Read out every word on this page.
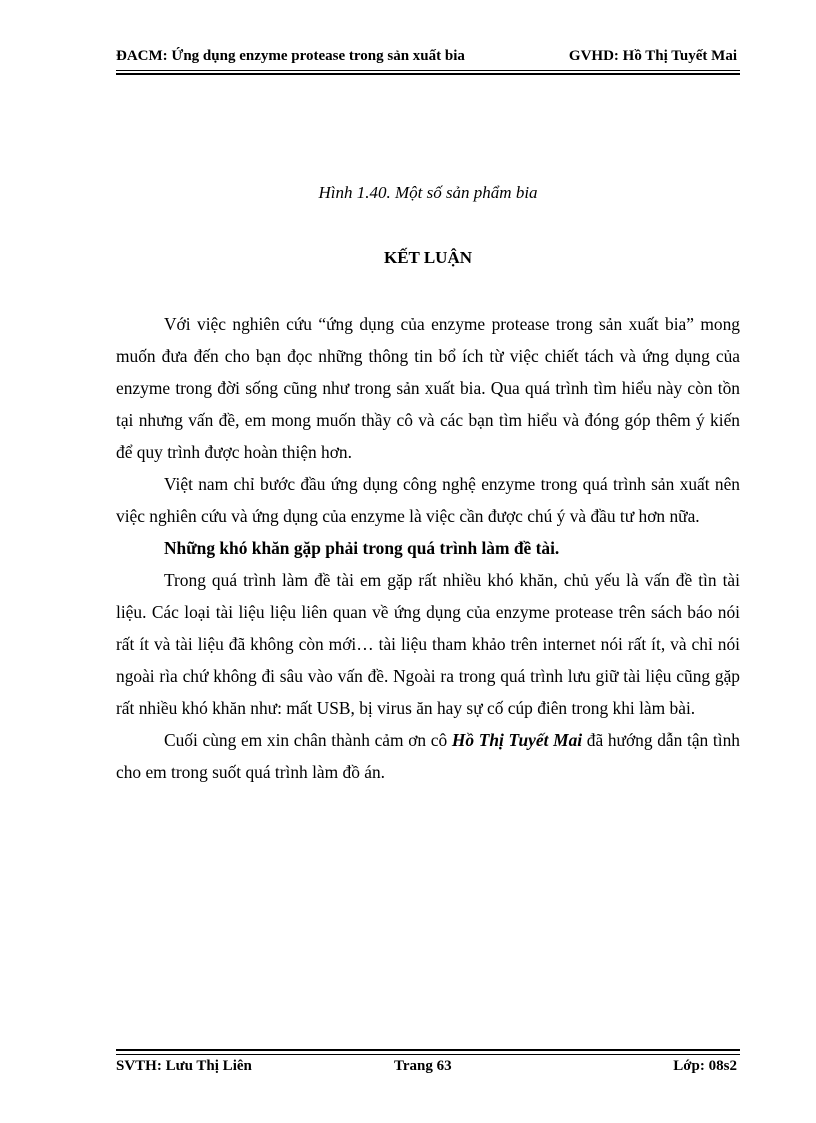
ĐACM: Ứng dụng enzyme protease trong sản xuất bia	GVHD: Hồ Thị Tuyết Mai
Hình 1.40. Một số sản phẩm bia
KẾT LUẬN

Với việc nghiên cứu “ứng dụng của enzyme protease trong sản xuất bia” mong muốn đưa đến cho bạn đọc những thông tin bổ ích từ việc chiết tách và ứng dụng của enzyme trong đời sống cũng như trong sản xuất bia. Qua quá trình tìm hiểu này còn tồn tại nhưng vấn đề, em mong muốn thầy cô và các bạn tìm hiểu và đóng góp thêm ý kiến để quy trình được hoàn thiện hơn.

Việt nam chỉ bước đầu ứng dụng công nghệ enzyme trong quá trình sản xuất nên việc nghiên cứu và ứng dụng của enzyme là việc cần được chú ý và đầu tư hơn nữa.

Những khó khăn gặp phải trong quá trình làm đề tài.

Trong quá trình làm đề tài em gặp rất nhiều khó khăn, chủ yếu là vấn đề tìn tài liệu. Các loại tài liệu liệu liên quan về ứng dụng của enzyme protease trên sách báo nói rất ít và tài liệu đã không còn mới… tài liệu tham khảo trên internet nói rất ít, và chỉ nói ngoài rìa chứ không đi sâu vào vấn đề. Ngoài ra trong quá trình lưu giữ tài liệu cũng gặp rất nhiều khó khăn như: mất USB, bị virus ăn hay sự cố cúp điên trong khi làm bài.

Cuối cùng em xin chân thành cảm ơn cô Hồ Thị Tuyết Mai đã hướng dẫn tận tình cho em trong suốt quá trình làm đồ án.

SVTH: Lưu Thị Liên	Trang 63	Lớp: 08s2
